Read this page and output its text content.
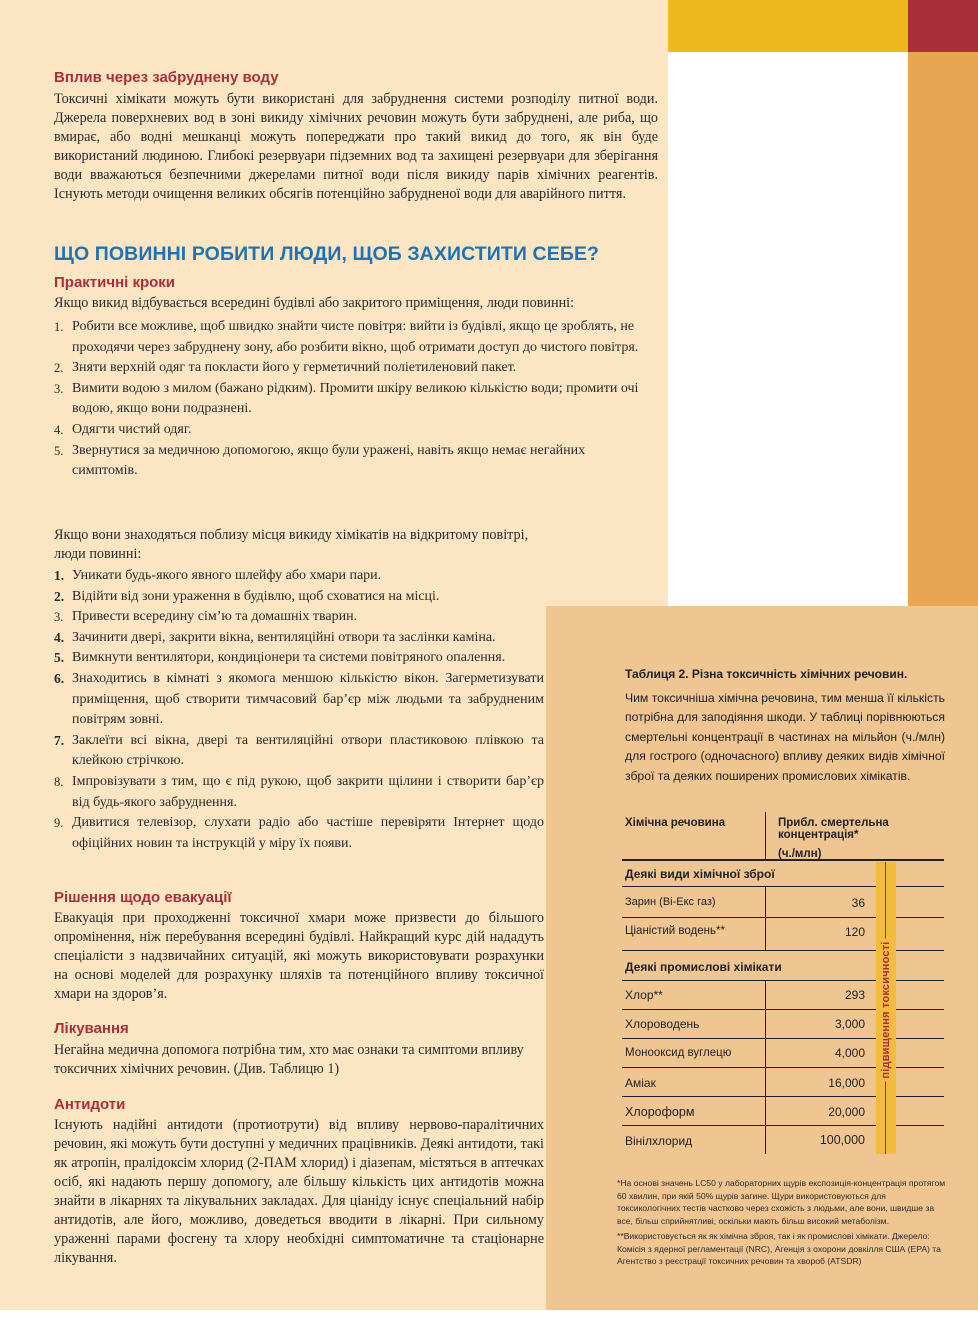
Вплив через забруднену воду

Токсичні хімікати можуть бути використані для забруднення системи розподілу питної води. Джерела поверхневих вод в зоні викиду хімічних речовин можуть бути забруднені, але риба, що вмирає, або водні мешканці можуть попереджати про такий викид до того, як він буде використаний людиною. Глибокі резервуари підземних вод та захищені резервуари для зберігання води вважаються безпечними джерелами питної води після викиду парів хімічних реагентів. Існують методи очищення великих обсягів потенційно забрудненої води для аварійного пиття.

ЩО ПОВИННІ РОБИТИ ЛЮДИ, ЩОБ ЗАХИСТИТИ СЕБЕ?
Практичні кроки

Якщо викид відбувається всередині будівлі або закритого приміщення, люди повинні:

1. Робити все можливе, щоб швидко знайти чисте повітря: вийти із будівлі, якщо це зроблять, не проходячи через забруднену зону, або розбити вікно, щоб отримати доступ до чистого повітря.
2. Зняти верхній одяг та покласти його у герметичний поліетиленовий пакет.
3. Вимити водою з милом (бажано рідким). Промити шкіру великою кількістю води; промити очі водою, якщо вони подразнені.
4. Одягти чистий одяг.
5. Звернутися за медичною допомогою, якщо були уражені, навіть якщо немає негайних симптомів.

Якщо вони знаходяться поблизу місця викиду хімікатів на відкритому повітрі, люди повинні:

1. Уникати будь-якого явного шлейфу або хмари пари.
2. Відійти від зони ураження в будівлю, щоб сховатися на місці.
3. Привести всередину сім’ю та домашніх тварин.
4. Зачинити двері, закрити вікна, вентиляційні отвори та заслінки каміна.
5. Вимкнути вентилятори, кондиціонери та системи повітряного опалення.
6. Знаходитись в кімнаті з якомога меншою кількістю вікон. Загерметизувати приміщення, щоб створити тимчасовий бар’єр між людьми та забрудненим повітрям зовні.
7. Заклеїти всі вікна, двері та вентиляційні отвори пластиковою плівкою та клейкою стрічкою.
8. Імпровізувати з тим, що є під рукою, щоб закрити щілини і створити бар’єр від будь-якого забруднення.
9. Дивитися телевізор, слухати радіо або частіше перевіряти Інтернет щодо офіційних новин та інструкцій у міру їх появи.
Рішення щодо евакуації

Евакуація при проходженні токсичної хмари може призвести до більшого опромінення, ніж перебування всередині будівлі. Найкращий курс дій нададуть спеціалісти з надзвичайних ситуацій, які можуть використовувати розрахунки на основі моделей для розрахунку шляхів та потенційного впливу токсичної хмари на здоров’я.

Лікування

Негайна медична допомога потрібна тим, хто має ознаки та симптоми впливу токсичних хімічних речовин. (Див. Таблицю 1)

Антидоти

Існують надійні антидоти (протиотрути) від впливу нервово-паралітичних речовин, які можуть бути доступні у медичних працівників. Деякі антидоти, такі як атропін, пралідоксім хлорид (2-ПАМ хлорид) і діазепам, містяться в аптечках осіб, які надають першу допомогу, але більшу кількість цих антидотів можна знайти в лікарнях та лікувальних закладах. Для ціаніду існує спеціальний набір антидотів, але його, можливо, доведеться вводити в лікарні. При сильному ураженні парами фосгену та хлору необхідні симптоматичне та стаціонарне лікування.

Таблиця 2. Різна токсичність хімічних речовин.

Чим токсичніша хімічна речовина, тим менша її кількість потрібна для заподіяння шкоди. У таблиці порівнюються смертельні концентрації в частинах на мільйон (ч./млн) для гострого (одночасного) впливу деяких видів хімічної зброї та деяких поширених промислових хімікатів.

Хімічна речовина	Прибл. смертельна
концентрація*
(ч./млн)
Деякі види хімічної зброї
Зарин (Ві-Екс газ)	36
Ціаністий водень**	120
Деякі промислові хімікати
Хлор**	293
Хлороводень	3,000
Монооксид вуглецю	4,000
Аміак	16,000
Хлороформ	20,000
Вінілхлорид	100,000
підвищення токсичності

*На основі значень LC50 у лабораторних щурів експозиція-концентрація протягом 60 хвилин, при якій 50% щурів загине. Щури використовуються для токсикологічних тестів частково через схожість з людьми, але вони, швидше за все, більш сприйнятливі, оскільки мають більш високий метаболізм.

**Використовується як як хімічна зброя, так і як промислові хімікати. Джерело: Комісія з ядерної регламентації (NRC), Агенція з охорони довкілля США (EPA) та Агентство з реєстрації токсичних речовин та хвороб (ATSDR)
